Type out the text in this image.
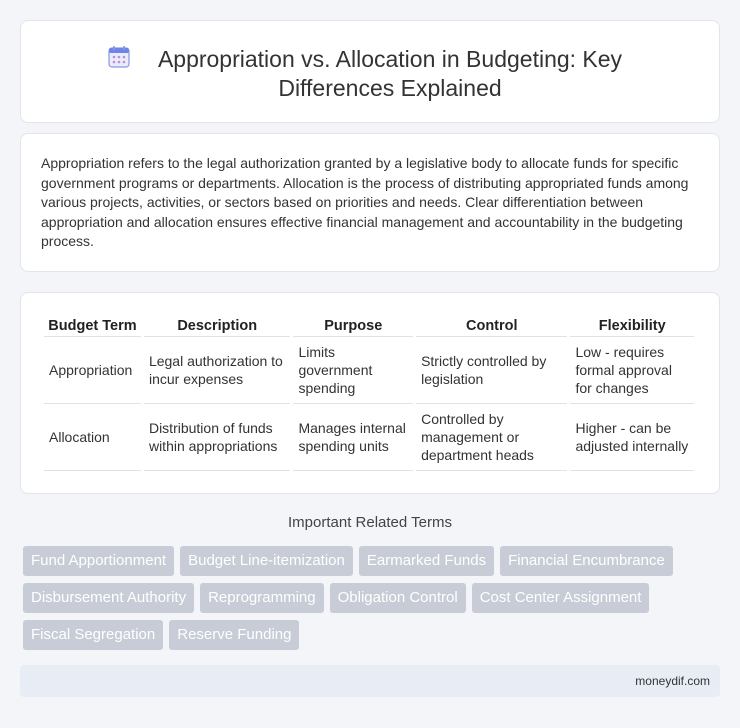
Appropriation vs. Allocation in Budgeting: Key Differences Explained

Appropriation refers to the legal authorization granted by a legislative body to allocate funds for specific government programs or departments. Allocation is the process of distributing appropriated funds among various projects, activities, or sectors based on priorities and needs. Clear differentiation between appropriation and allocation ensures effective financial management and accountability in the budgeting process.

Budget Term	Description	Purpose	Control	Flexibility
Appropriation	Legal authorization to incur expenses	Limits government spending	Strictly controlled by legislation	Low - requires formal approval for changes
Allocation	Distribution of funds within appropriations	Manages internal spending units	Controlled by management or department heads	Higher - can be adjusted internally
Important Related Terms
Fund Apportionment	Budget Line-itemization	Earmarked Funds	Financial Encumbrance
Disbursement Authority	Reprogramming	Obligation Control	Cost Center Assignment
Fiscal Segregation	Reserve Funding
moneydif.com
